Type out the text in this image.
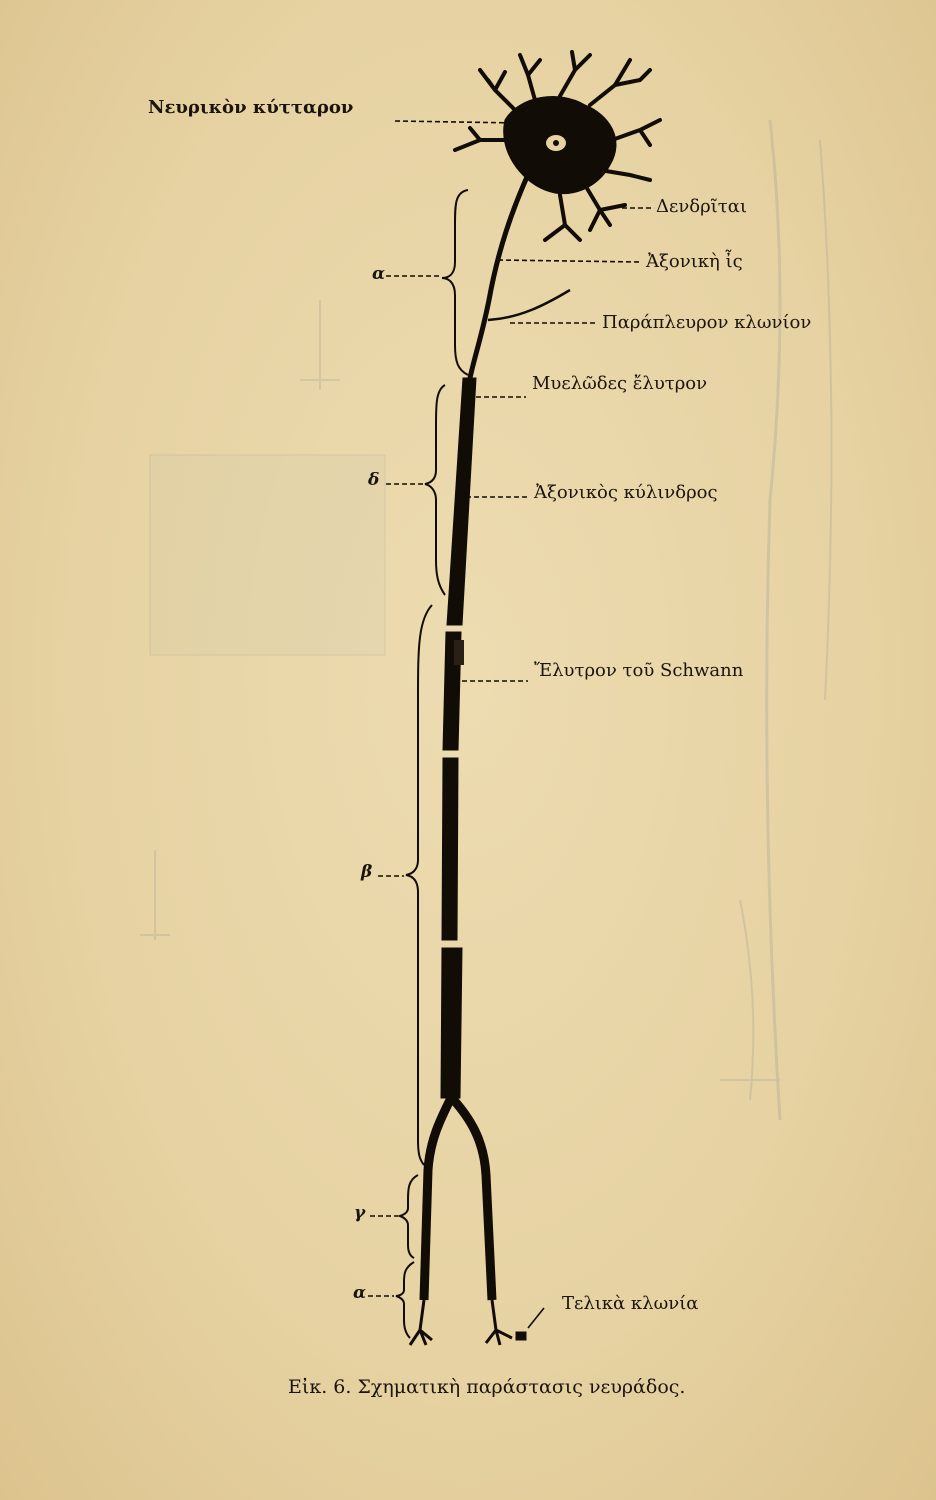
Νευρικὸν κύτταρον
Δενδρῖται
Ἀξονικὴ ἶς
Παράπλευρον κλωνίον
Μυελῶδες ἔλυτρον
Ἀξονικὸς κύλινδρος
Ἔλυτρον τοῦ Schwann
Τελικὰ κλωνία
α
δ
β
γ
α
Εἰκ. 6. Σχηματικὴ παράστασις νευράδος.
